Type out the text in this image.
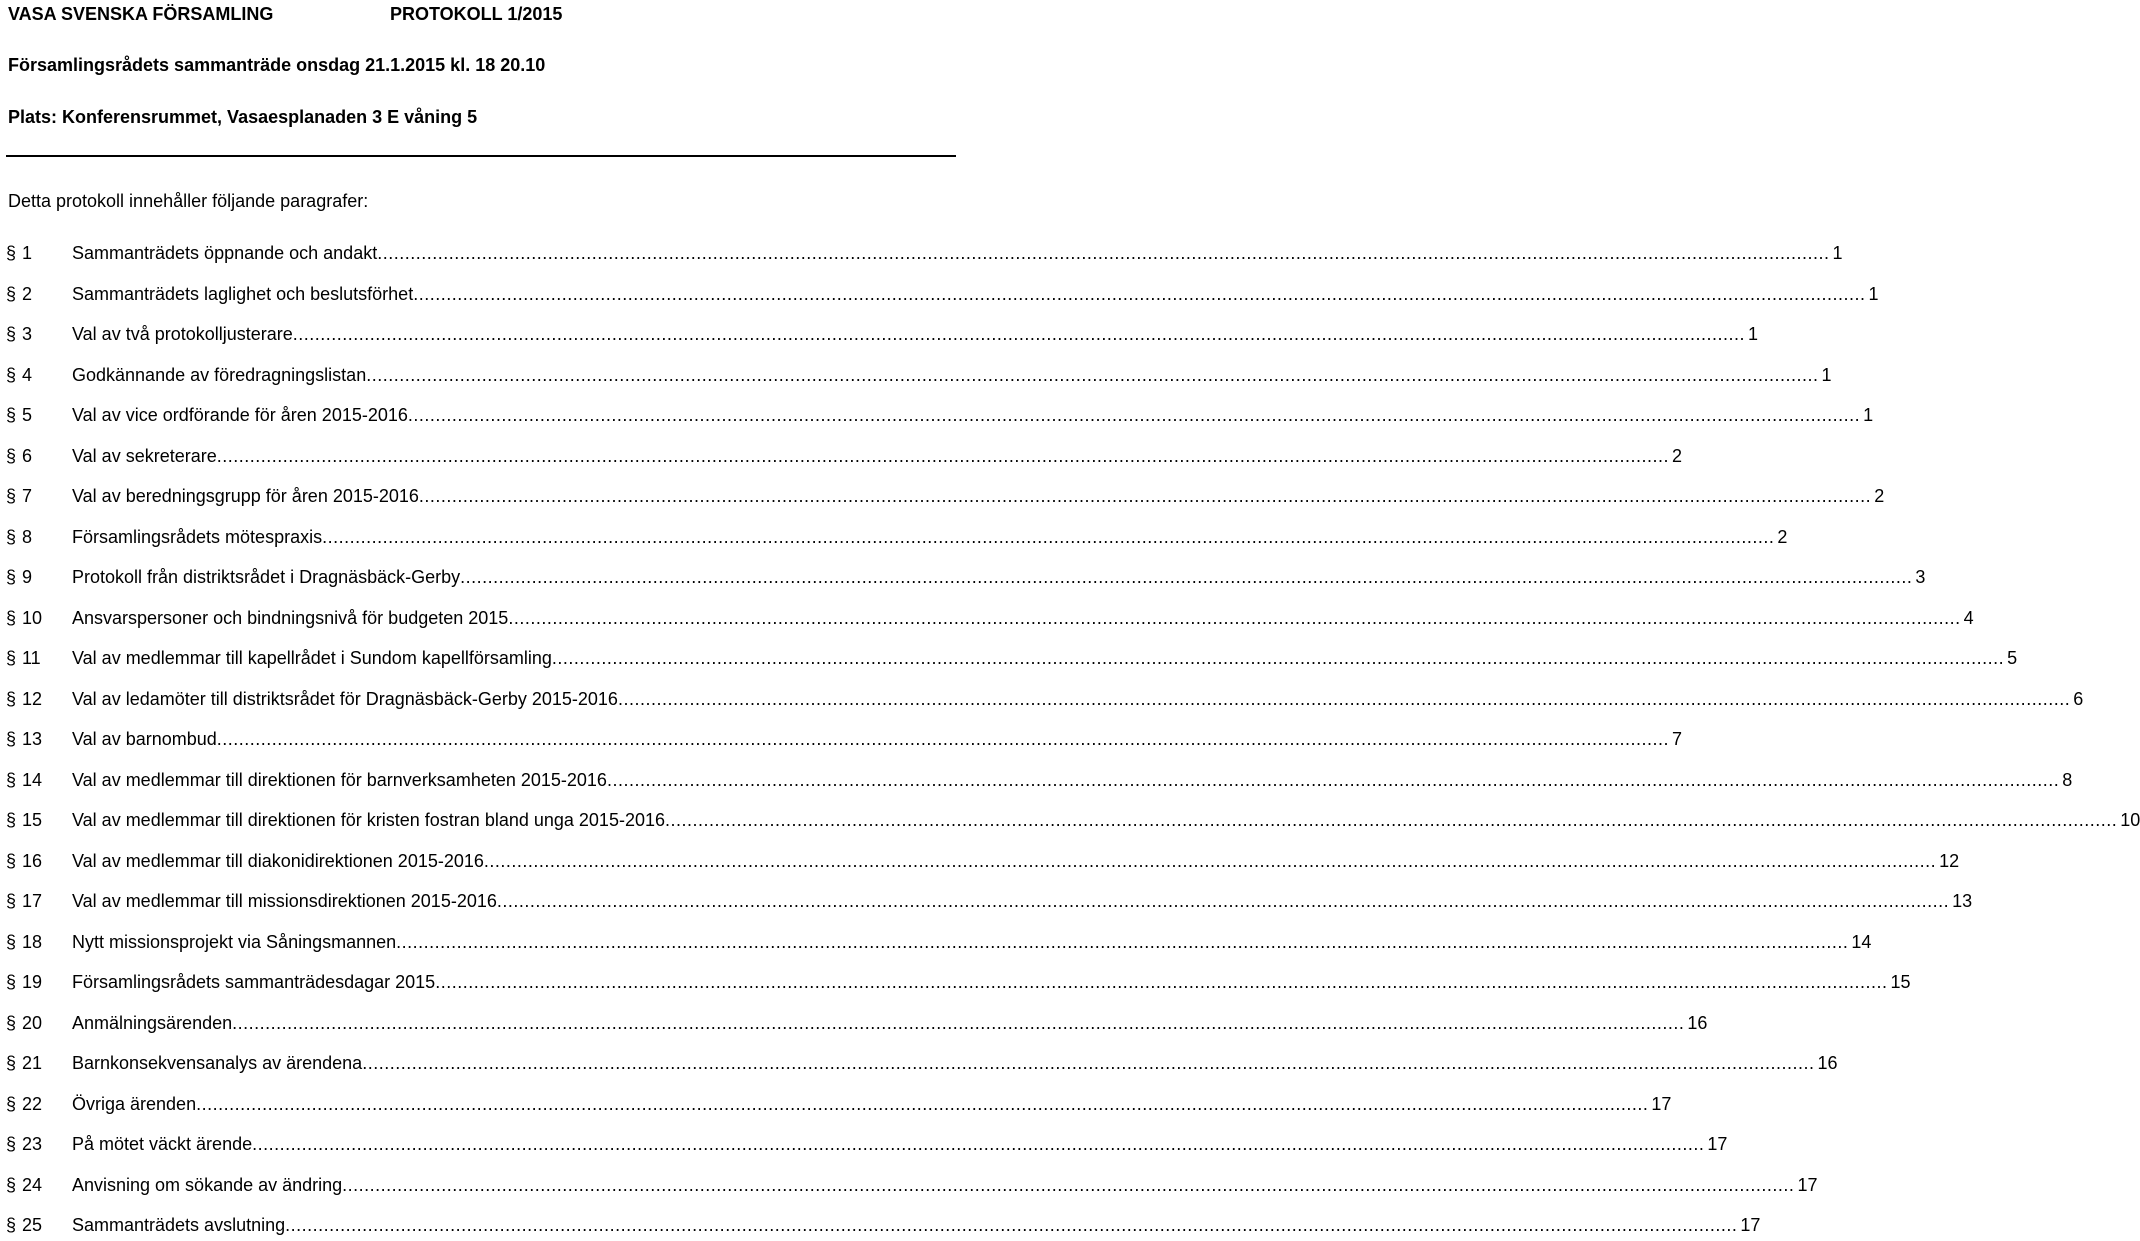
VASA SVENSKA FÖRSAMLING	PROTOKOLL 1/2015
Församlingsrådets sammanträde onsdag 21.1.2015 kl. 18 20.10
Plats: Konferensrummet, Vasaesplanaden 3 E våning 5
Detta protokoll innehåller följande paragrafer:
§ 1	Sammanträdets öppnande och andakt .....	1
§ 2	Sammanträdets laglighet och beslutsförhet .....	1
§ 3	Val av två protokolljusterare .....	1
§ 4	Godkännande av föredragningslistan .....	1
§ 5	Val av vice ordförande för åren 2015-2016 .....	1
§ 6	Val av sekreterare .....	2
§ 7	Val av beredningsgrupp för åren 2015-2016 .....	2
§ 8	Församlingsrådets mötespraxis .....	2
§ 9	Protokoll från distriktsrådet i Dragnäsbäck-Gerby .....	3
§ 10	Ansvarspersoner och bindningsnivå för budgeten 2015 .....	4
§ 11	Val av medlemmar till kapellrådet i Sundom kapellförsamling .....	5
§ 12	Val av ledamöter till distriktsrådet för Dragnäsbäck-Gerby 2015-2016 .....	6
§ 13	Val av barnombud .....	7
§ 14	Val av medlemmar till direktionen för barnverksamheten 2015-2016 .....	8
§ 15	Val av medlemmar till direktionen för kristen fostran bland unga 2015-2016 .....	10
§ 16	Val av medlemmar till diakonidirektionen 2015-2016 .....	12
§ 17	Val av medlemmar till missionsdirektionen 2015-2016 .....	13
§ 18	Nytt missionsprojekt via Såningsmannen .....	14
§ 19	Församlingsrådets sammanträdesdagar 2015 .....	15
§ 20	Anmälningsärenden .....	16
§ 21	Barnkonsekvensanalys av ärendena .....	16
§ 22	Övriga ärenden .....	17
§ 23	På mötet väckt ärende .....	17
§ 24	Anvisning om sökande av ändring .....	17
§ 25	Sammanträdets avslutning .....	17
